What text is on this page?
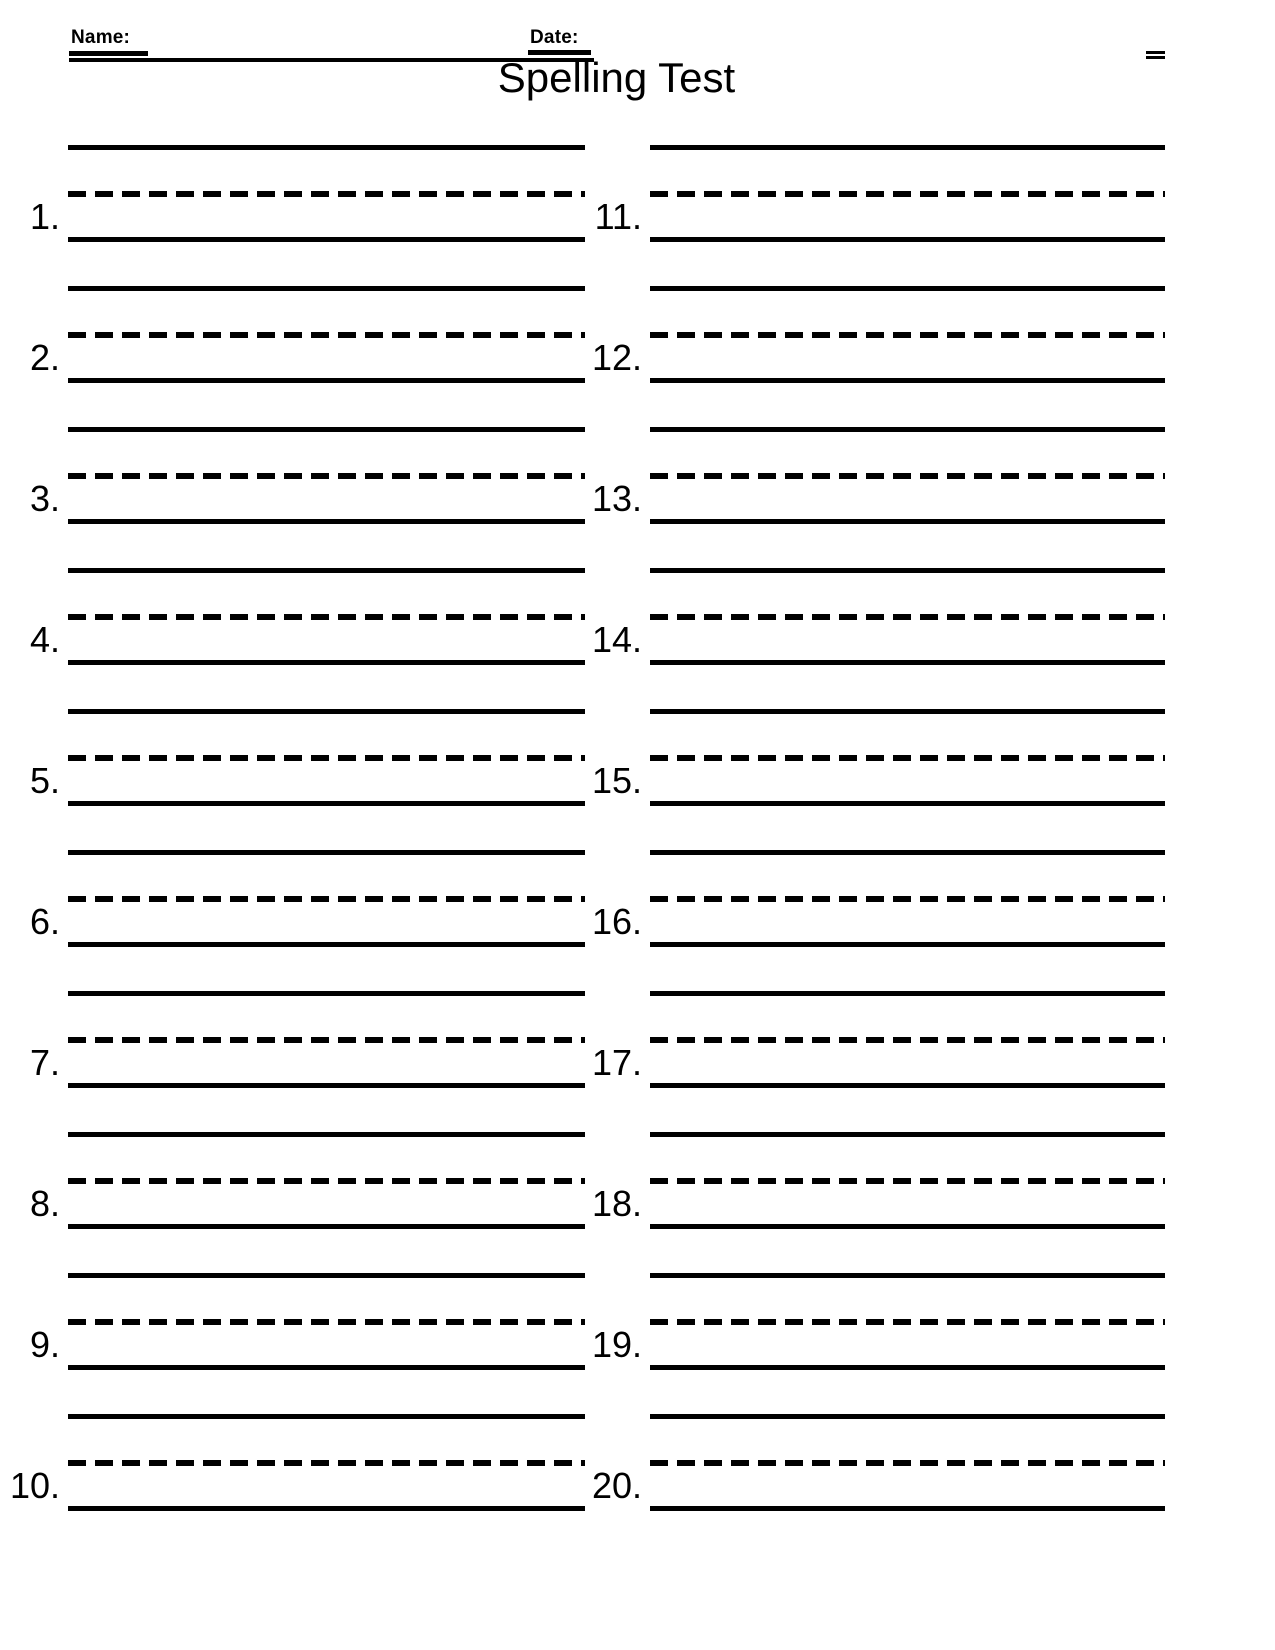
Name:	Date:
Spelling Test
1.
2.
3.
4.
5.
6.
7.
8.
9.
10.
11.
12.
13.
14.
15.
16.
17.
18.
19.
20.
